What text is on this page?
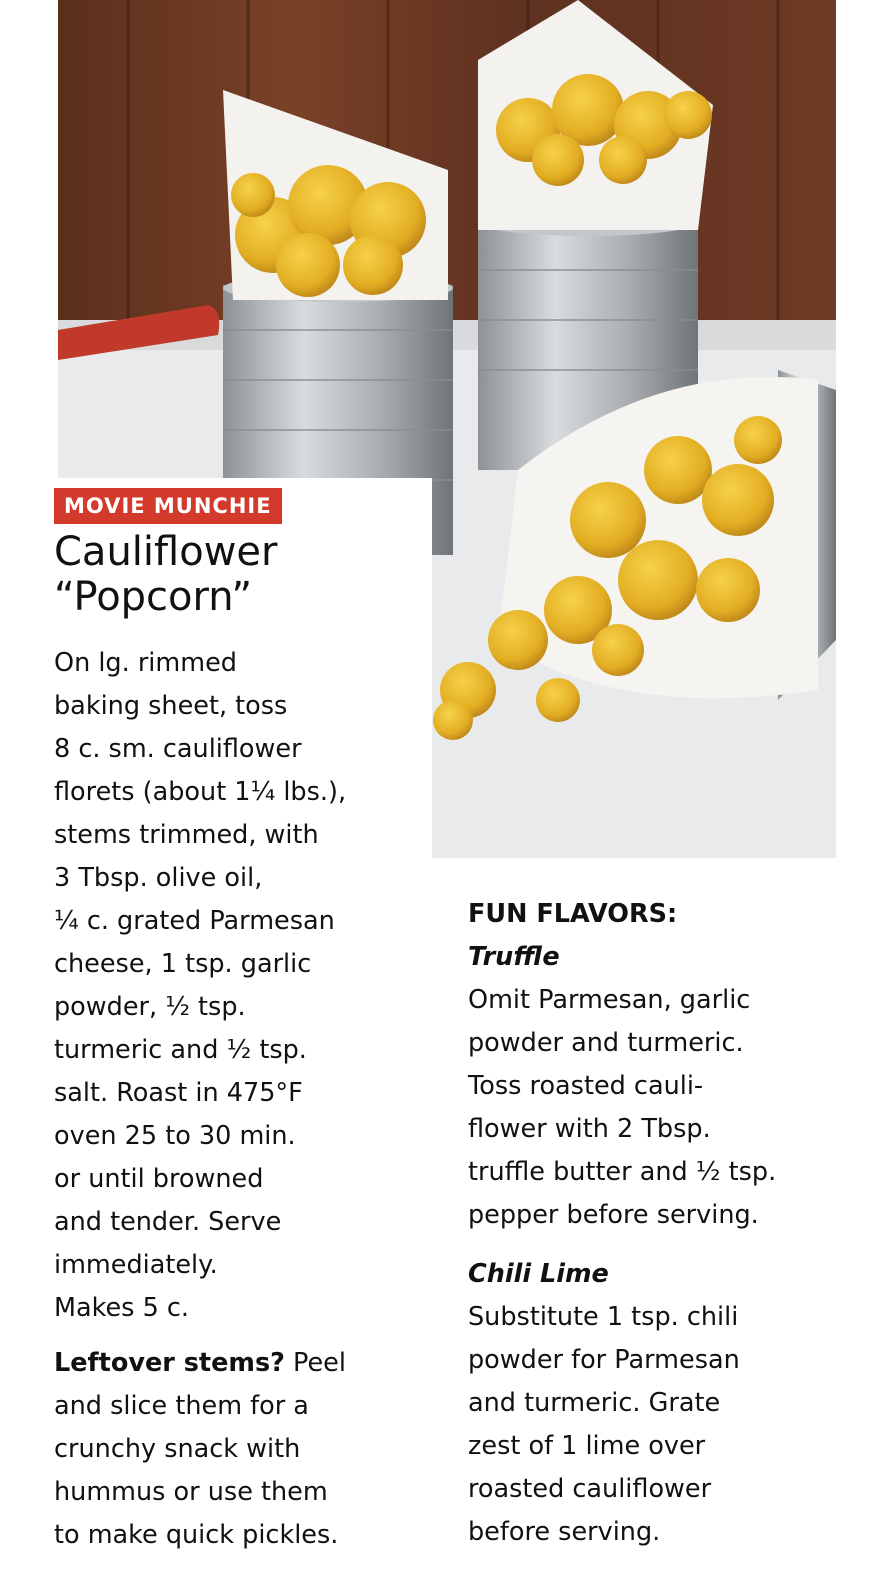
MOVIE MUNCHIE
Cauliflower
“Popcorn”
On lg. rimmed
baking sheet, toss
8 c. sm. cauliflower
florets (about 1¼ lbs.),
stems trimmed, with
3 Tbsp. olive oil,
¼ c. grated Parmesan
cheese, 1 tsp. garlic
powder, ½ tsp.
turmeric and ½ tsp.
salt. Roast in 475°F
oven 25 to 30 min.
or until browned
and tender. Serve
immediately.
Makes 5 c.
Leftover stems? Peel
and slice them for a
crunchy snack with
hummus or use them
to make quick pickles.
FUN FLAVORS:
Truffle
Omit Parmesan, garlic
powder and turmeric.
Toss roasted cauli-
flower with 2 Tbsp.
truffle butter and ½ tsp.
pepper before serving.
Chili Lime
Substitute 1 tsp. chili
powder for Parmesan
and turmeric. Grate
zest of 1 lime over
roasted cauliflower
before serving.
